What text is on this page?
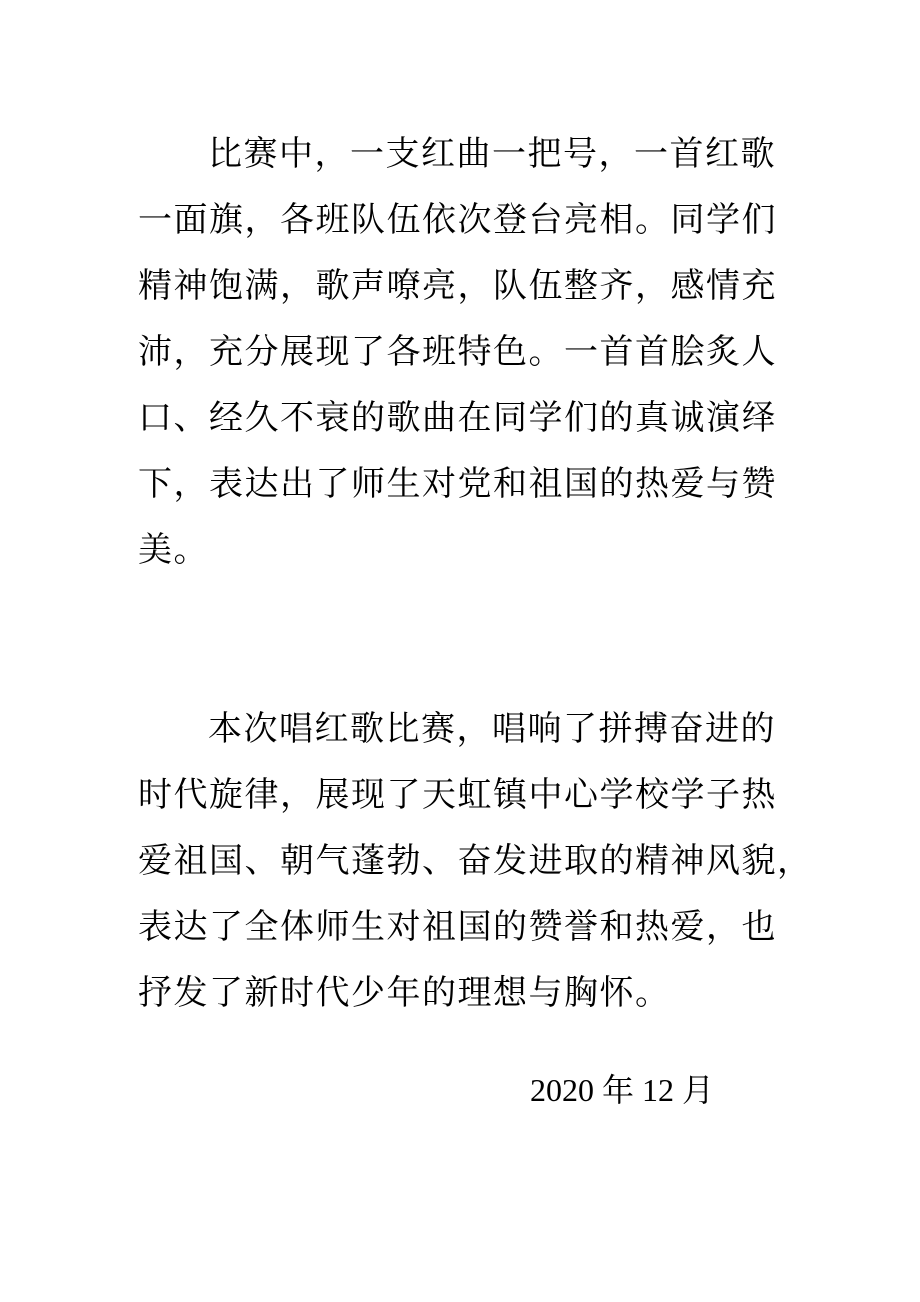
比赛中，一支红曲一把号，一首红歌
一面旗，各班队伍依次登台亮相。同学们
精神饱满，歌声嘹亮，队伍整齐，感情充
沛，充分展现了各班特色。一首首脍炙人
口、经久不衰的歌曲在同学们的真诚演绎
下，表达出了师生对党和祖国的热爱与赞
美。
本次唱红歌比赛，唱响了拼搏奋进的
时代旋律，展现了天虹镇中心学校学子热
爱祖国、朝气蓬勃、奋发进取的精神风貌，
表达了全体师生对祖国的赞誉和热爱，也
抒发了新时代少年的理想与胸怀。
2020 年 12 月
